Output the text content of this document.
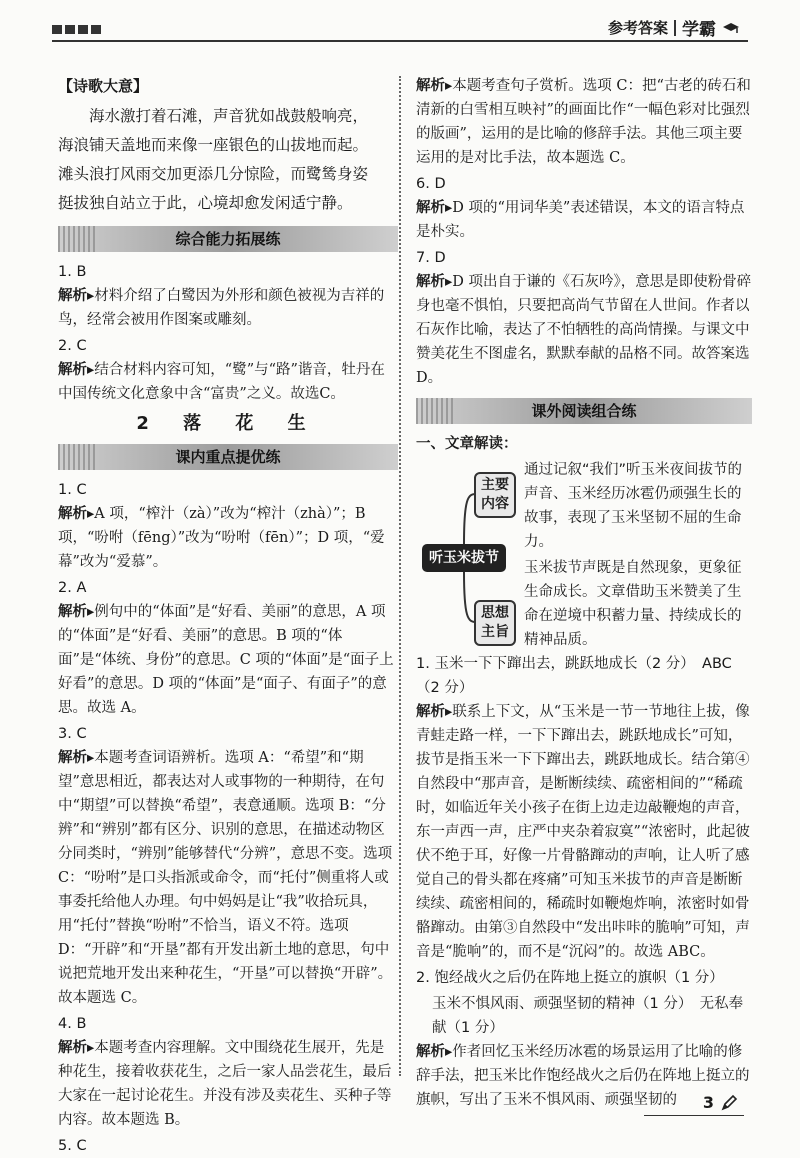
参考答案 学霸

【诗歌大意】

海水激打着石滩，声音犹如战鼓般响亮，

海浪铺天盖地而来像一座银色的山拔地而起。

滩头浪打风雨交加更添几分惊险，而鹭鸶身姿

挺拔独自站立于此，心境却愈发闲适宁静。

综合能力拓展练

1. B

解析▸材料介绍了白鹭因为外形和颜色被视为吉祥的鸟，经常会被用作图案或雕刻。

2. C

解析▸结合材料内容可知，“鹭”与“路”谐音，牡丹在中国传统文化意象中含“富贵”之义。故选C。

2 落 花 生

课内重点提优练

1. C

解析▸A 项，“榨汁（zà）”改为“榨汁（zhà）”；B 项，“吩咐（fēng）”改为“吩咐（fēn）”；D 项，“爱幕”改为“爱慕”。

2. A

解析▸例句中的“体面”是“好看、美丽”的意思，A 项的“体面”是“好看、美丽”的意思。B 项的“体面”是“体统、身份”的意思。C 项的“体面”是“面子上好看”的意思。D 项的“体面”是“面子、有面子”的意思。故选 A。

3. C

解析▸本题考查词语辨析。选项 A：“希望”和“期望”意思相近，都表达对人或事物的一种期待，在句中“期望”可以替换“希望”，表意通顺。选项 B：“分辨”和“辨别”都有区分、识别的意思，在描述动物区分同类时，“辨别”能够替代“分辨”，意思不变。选项 C：“吩咐”是口头指派或命令，而“托付”侧重将人或事委托给他人办理。句中妈妈是让“我”收拾玩具，用“托付”替换“吩咐”不恰当，语义不符。选项 D：“开辟”和“开垦”都有开发出新土地的意思，句中说把荒地开发出来种花生，“开垦”可以替换“开辟”。故本题选 C。

4. B

解析▸本题考查内容理解。文中围绕花生展开，先是种花生，接着收获花生，之后一家人品尝花生，最后大家在一起讨论花生。并没有涉及卖花生、买种子等内容。故本题选 B。

5. C

解析▸本题考查句子赏析。选项 C：把“古老的砖石和清新的白雪相互映衬”的画面比作“一幅色彩对比强烈的版画”，运用的是比喻的修辞手法。其他三项主要运用的是对比手法，故本题选 C。

6. D

解析▸D 项的“用词华美”表述错误，本文的语言特点是朴实。

7. D

解析▸D 项出自于谦的《石灰吟》，意思是即使粉骨碎身也毫不惧怕，只要把高尚气节留在人世间。作者以石灰作比喻，表达了不怕牺牲的高尚情操。与课文中赞美花生不图虚名，默默奉献的品格不同。故答案选 D。

课外阅读组合练

一、文章解读：

主要内容
通过记叙“我们”听玉米夜间拔节的声音、玉米经历冰雹仍顽强生长的故事，表现了玉米坚韧不屈的生命力。
听玉米拔节
思想主旨
玉米拔节声既是自然现象，更象征生命成长。文章借助玉米赞美了生命在逆境中积蓄力量、持续成长的精神品质。

1. 玉米一下下蹿出去，跳跃地成长（2 分）　ABC（2 分）

解析▸联系上下文，从“玉米是一节一节地往上拔，像青蛙走路一样，一下下蹿出去，跳跃地成长”可知，拔节是指玉米一下下蹿出去，跳跃地成长。结合第④自然段中“那声音，是断断续续、疏密相间的”“稀疏时，如临近年关小孩子在街上边走边敲鞭炮的声音，东一声西一声，庄严中夹杂着寂寞”“浓密时，此起彼伏不绝于耳，好像一片骨骼蹿动的声响，让人听了感觉自己的骨头都在疼痛”可知玉米拔节的声音是断断续续、疏密相间的，稀疏时如鞭炮炸响，浓密时如骨骼蹿动。由第③自然段中“发出咔咔的脆响”可知，声音是“脆响”的，而不是“沉闷”的。故选 ABC。

2. 饱经战火之后仍在阵地上挺立的旗帜（1 分）

玉米不惧风雨、顽强坚韧的精神（1 分）　无私奉献（1 分）

解析▸作者回忆玉米经历冰雹的场景运用了比喻的修辞手法，把玉米比作饱经战火之后仍在阵地上挺立的旗帜，写出了玉米不惧风雨、顽强坚韧的	3
